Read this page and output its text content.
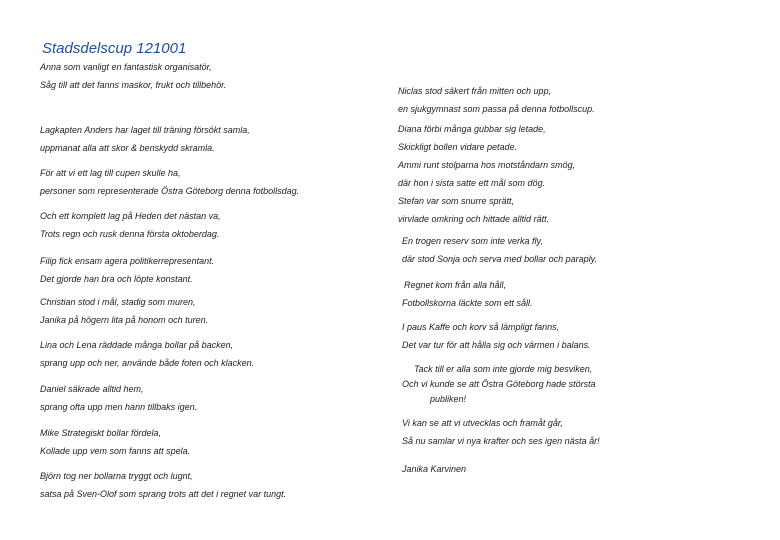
Stadsdelscup 121001
Anna som vanligt en fantastisk organisatör,
Såg till att det fanns maskor, frukt och tillbehör.
Lagkapten Anders har laget till träning försökt samla,
uppmanat alla att skor & benskydd skramla.
För att vi ett lag till cupen skulle ha,
personer som representerade Östra Göteborg denna fotbollsdag.
Och ett komplett lag på Heden det nästan va,
Trots regn och rusk denna första oktoberdag.
Filip fick ensam agera politikerrepresentant.
Det gjorde han bra och löpte konstant.
Christian stod i mål, stadig som muren,
Janika på högern lita på honom och turen.
Lina och Lena räddade många bollar på backen,
sprang upp och ner, använde både foten och klacken.
Daniel säkrade alltid hem,
sprang ofta upp men hann tillbaks igen.
Mike Strategiskt bollar fördela,
Kollade upp vem som fanns att spela.
Björn tog ner bollarna tryggt och lugnt,
satsa på Sven-Olof som sprang trots att det i regnet var tungt.
Niclas stod säkert från mitten och upp,
en sjukgymnast som passa på denna fotbollscup.
Diana förbi många gubbar sig letade,
Skickligt bollen vidare petade.
Ammi runt stolparna hos motståndarn smög,
där hon i sista satte ett mål som dög.
Stefan var som snurre sprätt,
virvlade omkring och hittade alltid rätt.
En trogen reserv som inte verka fly,
där stod Sonja och serva med bollar och paraply.
Regnet kom från alla håll,
Fotbollskorna läckte som ett såll.
I paus Kaffe och korv så lämpligt fanns,
Det var tur för att hålla sig och värmen i balans.
Tack till er alla som inte gjorde mig besviken,
Och vi kunde se att Östra Göteborg hade största
publiken!
Vi kan se att vi utvecklas och framåt går,
Så nu samlar vi nya krafter och ses igen nästa år!
Janika Karvinen
